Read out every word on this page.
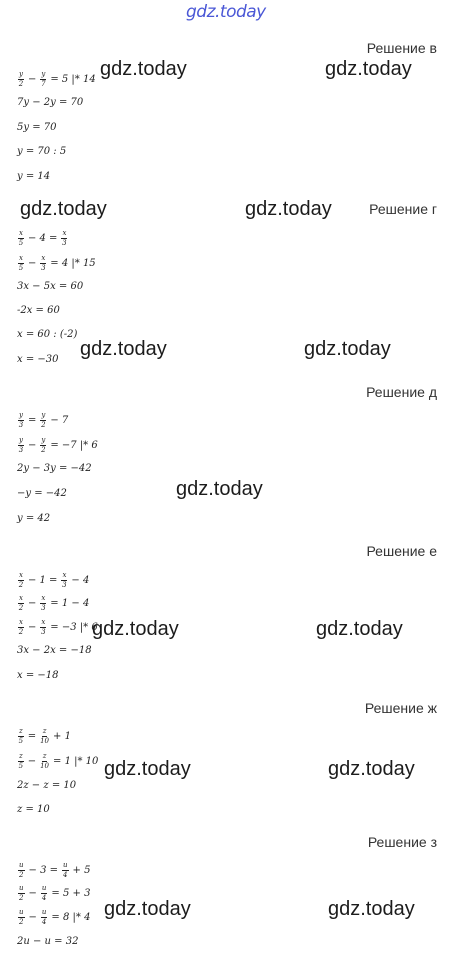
gdz.today
Решение в
$\frac{y}{2} - \frac{y}{7} = 5$ |* 14
7y − 2y = 70
5y = 70
y = 70 : 5
y = 14
Решение г
$\frac{x}{5} - 4 = \frac{x}{3}$
$\frac{x}{5} - \frac{x}{3} = 4$ |* 15
3x − 5x = 60
-2x = 60
x = 60 : (-2)
x = −30
Решение д
$\frac{y}{3} = \frac{y}{2} - 7$
$\frac{y}{3} - \frac{y}{2} = -7$ |* 6
2y − 3y = −42
−y = −42
y = 42
Решение е
$\frac{x}{2} - 1 = \frac{x}{3} - 4$
$\frac{x}{2} - \frac{x}{3} = 1 - 4$
$\frac{x}{2} - \frac{x}{3} = -3$ |* 6
3x − 2x = −18
x = −18
Решение ж
$\frac{z}{5} = \frac{z}{10} + 1$
$\frac{z}{5} - \frac{z}{10} = 1$ |* 10
2z − z = 10
z = 10
Решение з
$\frac{u}{2} - 3 = \frac{u}{4} + 5$
$\frac{u}{2} - \frac{u}{4} = 5 + 3$
$\frac{u}{2} - \frac{u}{4} = 8$ |* 4
2u − u = 32
gdz.today	gdz.today
gdz.today	gdz.today
gdz.today	gdz.today
gdz.today
gdz.today	gdz.today
gdz.today	gdz.today
gdz.today	gdz.today
